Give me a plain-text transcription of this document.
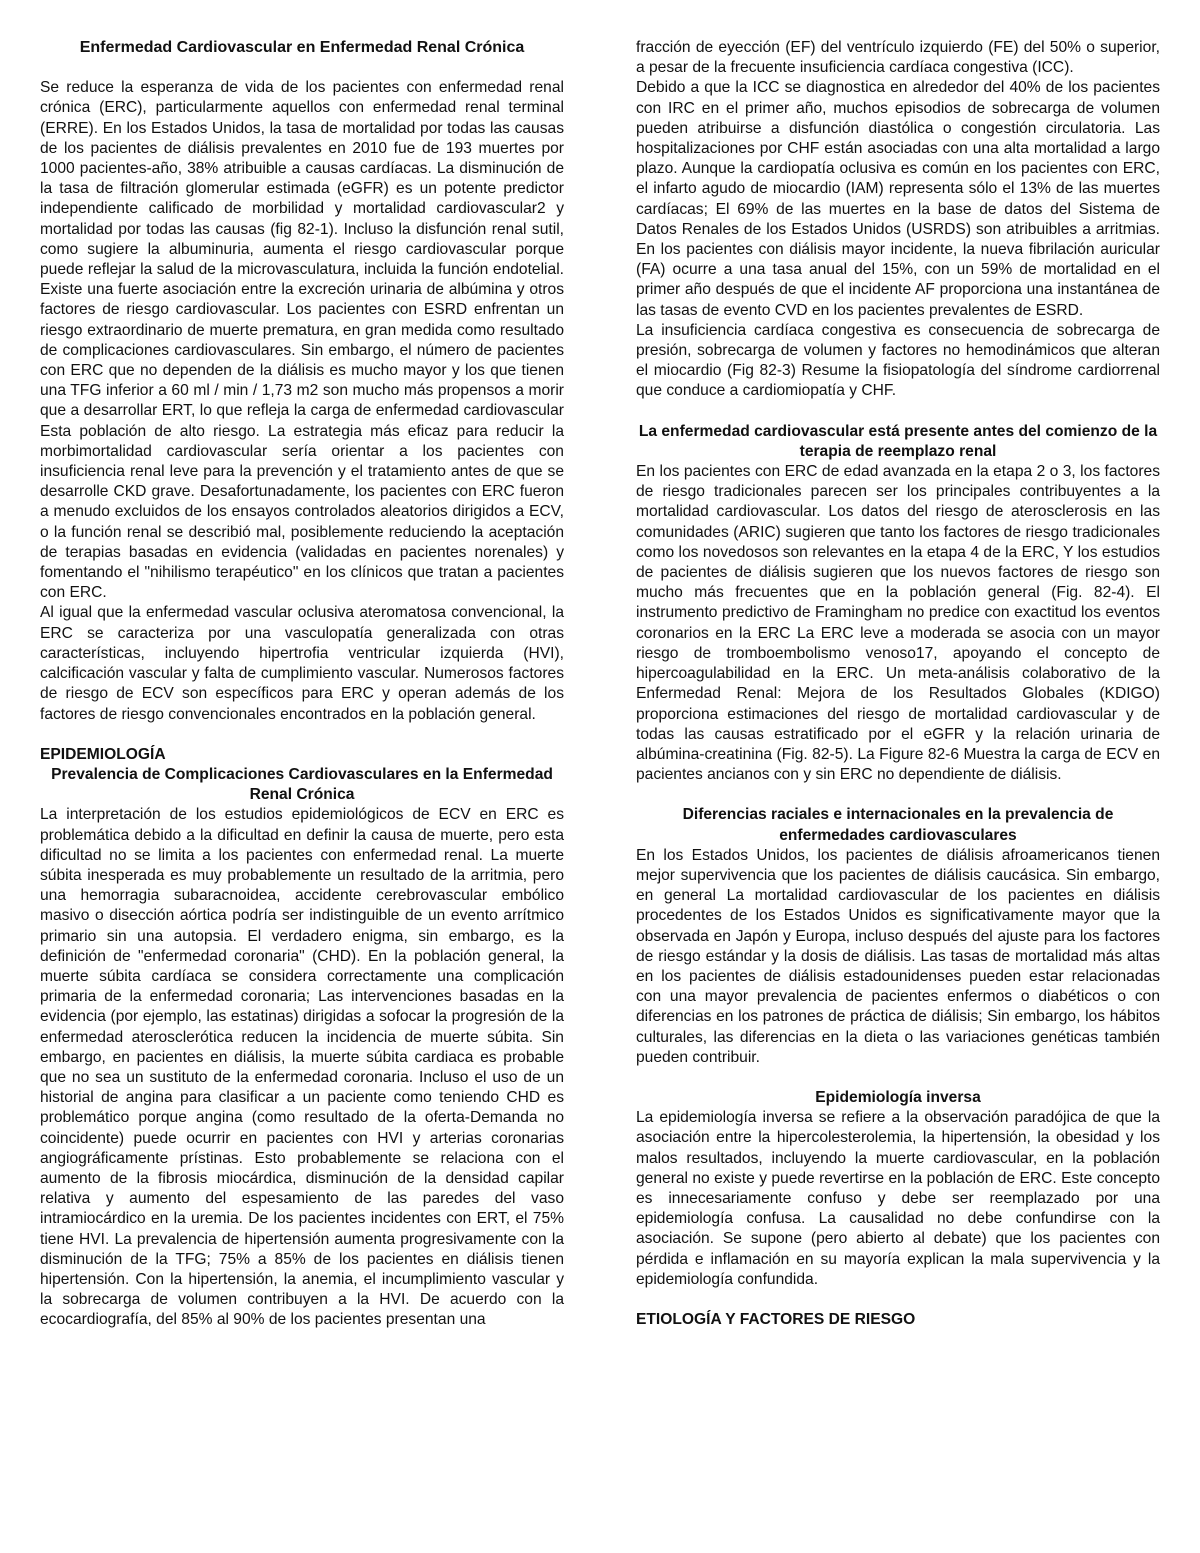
Enfermedad Cardiovascular en Enfermedad Renal Crónica

Se reduce la esperanza de vida de los pacientes con enfermedad renal crónica (ERC), particularmente aquellos con enfermedad renal terminal (ERRE). En los Estados Unidos, la tasa de mortalidad por todas las causas de los pacientes de diálisis prevalentes en 2010 fue de 193 muertes por 1000 pacientes-año, 38% atribuible a causas cardíacas. La disminución de la tasa de filtración glomerular estimada (eGFR) es un potente predictor independiente calificado de morbilidad y mortalidad cardiovascular2 y mortalidad por todas las causas (fig 82-1). Incluso la disfunción renal sutil, como sugiere la albuminuria, aumenta el riesgo cardiovascular porque puede reflejar la salud de la microvasculatura, incluida la función endotelial. Existe una fuerte asociación entre la excreción urinaria de albúmina y otros factores de riesgo cardiovascular. Los pacientes con ESRD enfrentan un riesgo extraordinario de muerte prematura, en gran medida como resultado de complicaciones cardiovasculares. Sin embargo, el número de pacientes con ERC que no dependen de la diálisis es mucho mayor y los que tienen una TFG inferior a 60 ml / min / 1,73 m2 son mucho más propensos a morir que a desarrollar ERT, lo que refleja la carga de enfermedad cardiovascular Esta población de alto riesgo. La estrategia más eficaz para reducir la morbimortalidad cardiovascular sería orientar a los pacientes con insuficiencia renal leve para la prevención y el tratamiento antes de que se desarrolle CKD grave. Desafortunadamente, los pacientes con ERC fueron a menudo excluidos de los ensayos controlados aleatorios dirigidos a ECV, o la función renal se describió mal, posiblemente reduciendo la aceptación de terapias basadas en evidencia (validadas en pacientes norenales) y fomentando el "nihilismo terapéutico" en los clínicos que tratan a pacientes con ERC.

Al igual que la enfermedad vascular oclusiva ateromatosa convencional, la ERC se caracteriza por una vasculopatía generalizada con otras características, incluyendo hipertrofia ventricular izquierda (HVI), calcificación vascular y falta de cumplimiento vascular. Numerosos factores de riesgo de ECV son específicos para ERC y operan además de los factores de riesgo convencionales encontrados en la población general.

EPIDEMIOLOGÍA

Prevalencia de Complicaciones Cardiovasculares en la Enfermedad Renal Crónica

La interpretación de los estudios epidemiológicos de ECV en ERC es problemática debido a la dificultad en definir la causa de muerte, pero esta dificultad no se limita a los pacientes con enfermedad renal. La muerte súbita inesperada es muy probablemente un resultado de la arritmia, pero una hemorragia subaracnoidea, accidente cerebrovascular embólico masivo o disección aórtica podría ser indistinguible de un evento arrítmico primario sin una autopsia. El verdadero enigma, sin embargo, es la definición de "enfermedad coronaria" (CHD). En la población general, la muerte súbita cardíaca se considera correctamente una complicación primaria de la enfermedad coronaria; Las intervenciones basadas en la evidencia (por ejemplo, las estatinas) dirigidas a sofocar la progresión de la enfermedad aterosclerótica reducen la incidencia de muerte súbita. Sin embargo, en pacientes en diálisis, la muerte súbita cardiaca es probable que no sea un sustituto de la enfermedad coronaria. Incluso el uso de un historial de angina para clasificar a un paciente como teniendo CHD es problemático porque angina (como resultado de la oferta-Demanda no coincidente) puede ocurrir en pacientes con HVI y arterias coronarias angiográficamente prístinas. Esto probablemente se relaciona con el aumento de la fibrosis miocárdica, disminución de la densidad capilar relativa y aumento del espesamiento de las paredes del vaso intramiocárdico en la uremia. De los pacientes incidentes con ERT, el 75% tiene HVI. La prevalencia de hipertensión aumenta progresivamente con la disminución de la TFG; 75% a 85% de los pacientes en diálisis tienen hipertensión. Con la hipertensión, la anemia, el incumplimiento vascular y la sobrecarga de volumen contribuyen a la HVI. De acuerdo con la ecocardiografía, del 85% al 90% de los pacientes presentan una

fracción de eyección (EF) del ventrículo izquierdo (FE) del 50% o superior, a pesar de la frecuente insuficiencia cardíaca congestiva (ICC).

Debido a que la ICC se diagnostica en alrededor del 40% de los pacientes con IRC en el primer año, muchos episodios de sobrecarga de volumen pueden atribuirse a disfunción diastólica o congestión circulatoria. Las hospitalizaciones por CHF están asociadas con una alta mortalidad a largo plazo. Aunque la cardiopatía oclusiva es común en los pacientes con ERC, el infarto agudo de miocardio (IAM) representa sólo el 13% de las muertes cardíacas; El 69% de las muertes en la base de datos del Sistema de Datos Renales de los Estados Unidos (USRDS) son atribuibles a arritmias. En los pacientes con diálisis mayor incidente, la nueva fibrilación auricular (FA) ocurre a una tasa anual del 15%, con un 59% de mortalidad en el primer año después de que el incidente AF proporciona una instantánea de las tasas de evento CVD en los pacientes prevalentes de ESRD.

La insuficiencia cardíaca congestiva es consecuencia de sobrecarga de presión, sobrecarga de volumen y factores no hemodinámicos que alteran el miocardio (Fig 82-3) Resume la fisiopatología del síndrome cardiorrenal que conduce a cardiomiopatía y CHF.

La enfermedad cardiovascular está presente antes del comienzo de la terapia de reemplazo renal

En los pacientes con ERC de edad avanzada en la etapa 2 o 3, los factores de riesgo tradicionales parecen ser los principales contribuyentes a la mortalidad cardiovascular. Los datos del riesgo de aterosclerosis en las comunidades (ARIC) sugieren que tanto los factores de riesgo tradicionales como los novedosos son relevantes en la etapa 4 de la ERC, Y los estudios de pacientes de diálisis sugieren que los nuevos factores de riesgo son mucho más frecuentes que en la población general (Fig. 82-4). El instrumento predictivo de Framingham no predice con exactitud los eventos coronarios en la ERC La ERC leve a moderada se asocia con un mayor riesgo de tromboembolismo venoso17, apoyando el concepto de hipercoagulabilidad en la ERC. Un meta-análisis colaborativo de la Enfermedad Renal: Mejora de los Resultados Globales (KDIGO) proporciona estimaciones del riesgo de mortalidad cardiovascular y de todas las causas estratificado por el eGFR y la relación urinaria de albúmina-creatinina (Fig. 82-5). La Figure 82-6 Muestra la carga de ECV en pacientes ancianos con y sin ERC no dependiente de diálisis.

Diferencias raciales e internacionales en la prevalencia de enfermedades cardiovasculares

En los Estados Unidos, los pacientes de diálisis afroamericanos tienen mejor supervivencia que los pacientes de diálisis caucásica. Sin embargo, en general La mortalidad cardiovascular de los pacientes en diálisis procedentes de los Estados Unidos es significativamente mayor que la observada en Japón y Europa, incluso después del ajuste para los factores de riesgo estándar y la dosis de diálisis. Las tasas de mortalidad más altas en los pacientes de diálisis estadounidenses pueden estar relacionadas con una mayor prevalencia de pacientes enfermos o diabéticos o con diferencias en los patrones de práctica de diálisis; Sin embargo, los hábitos culturales, las diferencias en la dieta o las variaciones genéticas también pueden contribuir.

Epidemiología inversa

La epidemiología inversa se refiere a la observación paradójica de que la asociación entre la hipercolesterolemia, la hipertensión, la obesidad y los malos resultados, incluyendo la muerte cardiovascular, en la población general no existe y puede revertirse en la población de ERC. Este concepto es innecesariamente confuso y debe ser reemplazado por una epidemiología confusa. La causalidad no debe confundirse con la asociación. Se supone (pero abierto al debate) que los pacientes con pérdida e inflamación en su mayoría explican la mala supervivencia y la epidemiología confundida.

ETIOLOGÍA Y FACTORES DE RIESGO
